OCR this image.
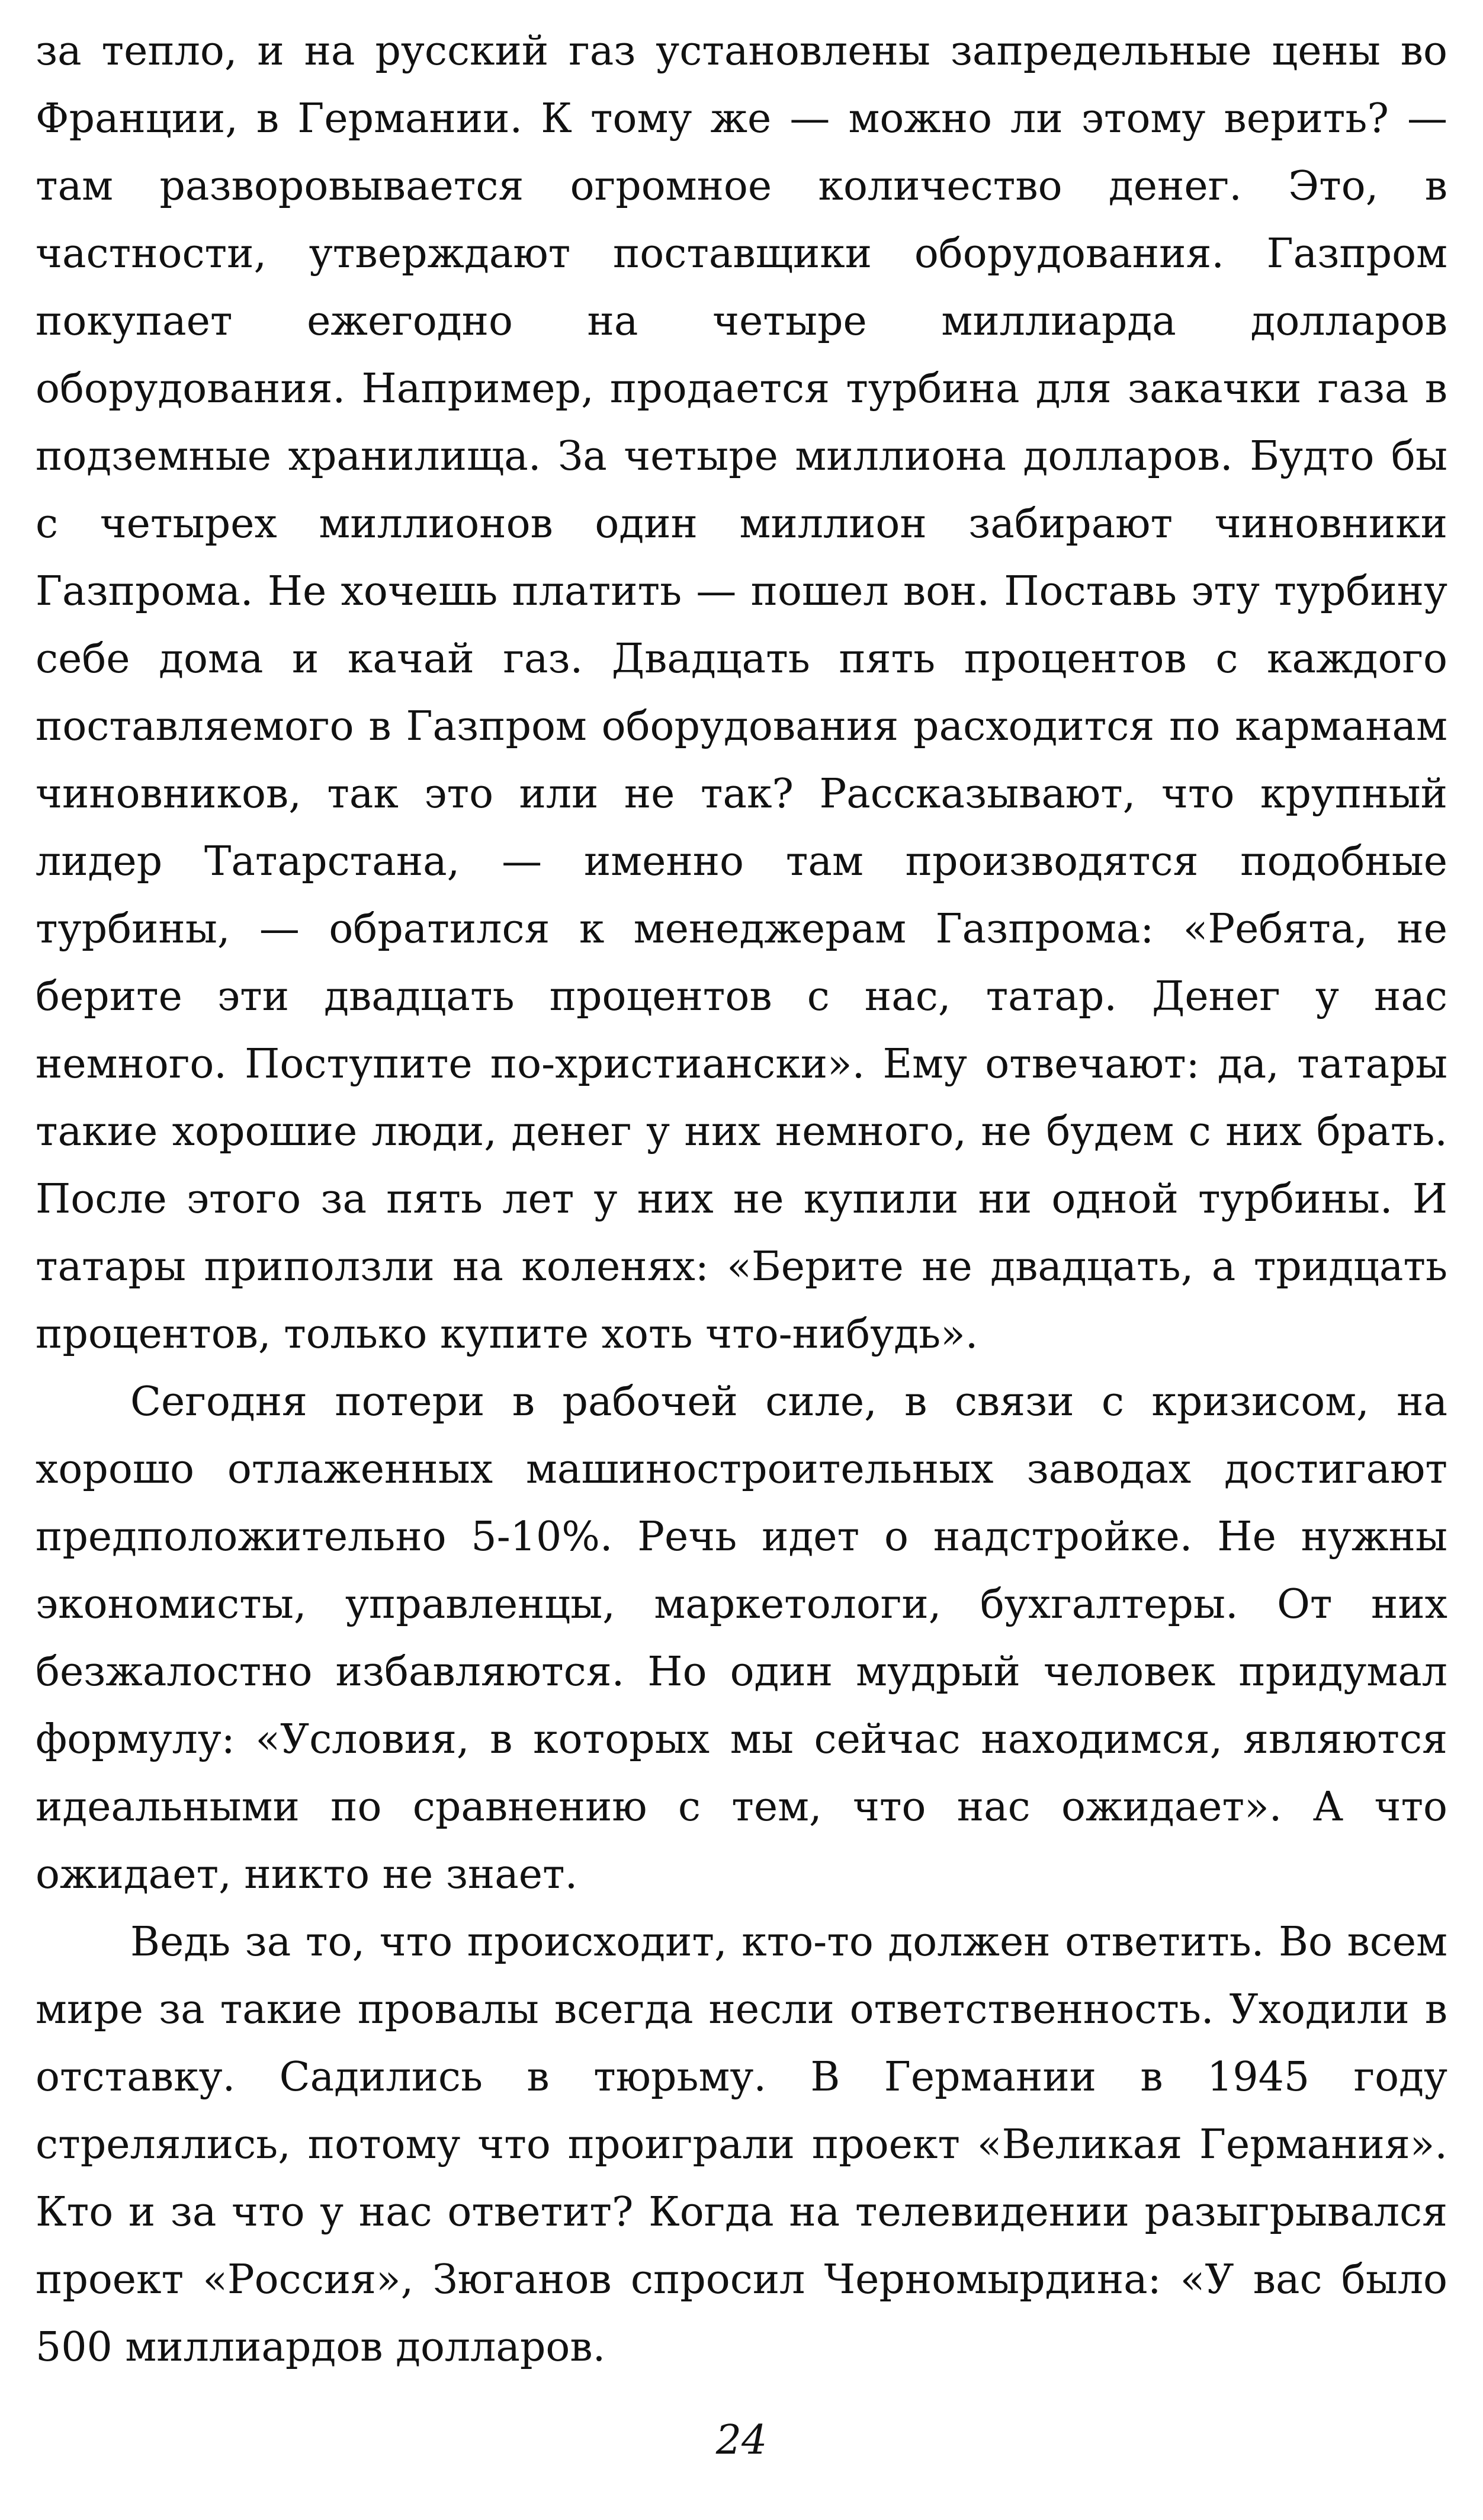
за тепло, и на русский газ установлены запредельные цены во Франции, в Германии. К тому же — можно ли этому верить? — там разворовывается огромное количество денег. Это, в частности, утверждают поставщики оборудования. Газпром покупает ежегодно на четыре миллиарда долларов оборудования. Например, продается турбина для закачки газа в подземные хранилища. За четыре миллиона долларов. Будто бы с четырех миллионов один миллион забирают чиновники Газпрома. Не хочешь платить — пошел вон. Поставь эту турбину себе дома и качай газ. Двадцать пять процентов с каждого поставляемого в Газпром оборудования расходится по карманам чиновников, так это или не так? Рассказывают, что крупный лидер Татарстана, — именно там производятся подобные турбины, — обратился к менеджерам Газпрома: «Ребята, не берите эти двадцать процентов с нас, татар. Денег у нас немного. Поступите по-христиански». Ему отвечают: да, татары такие хорошие люди, денег у них немного, не будем с них брать. После этого за пять лет у них не купили ни одной турбины. И татары приползли на коленях: «Берите не двадцать, а тридцать процентов, только купите хоть что-нибудь».

Сегодня потери в рабочей силе, в связи с кризисом, на хорошо отлаженных машиностроительных заводах достигают предположительно 5-10%. Речь идет о надстройке. Не нужны экономисты, управленцы, маркетологи, бухгалтеры. От них безжалостно избавляются. Но один мудрый человек придумал формулу: «Условия, в которых мы сейчас находимся, являются идеальными по сравнению с тем, что нас ожидает». А что ожидает, никто не знает.

Ведь за то, что происходит, кто-то должен ответить. Во всем мире за такие провалы всегда несли ответственность. Уходили в отставку. Садились в тюрьму. В Германии в 1945 году стрелялись, потому что проиграли проект «Великая Германия». Кто и за что у нас ответит? Когда на телевидении разыгрывался проект «Россия», Зюганов спросил Черномырдина: «У вас было 500 миллиардов долларов.

24
